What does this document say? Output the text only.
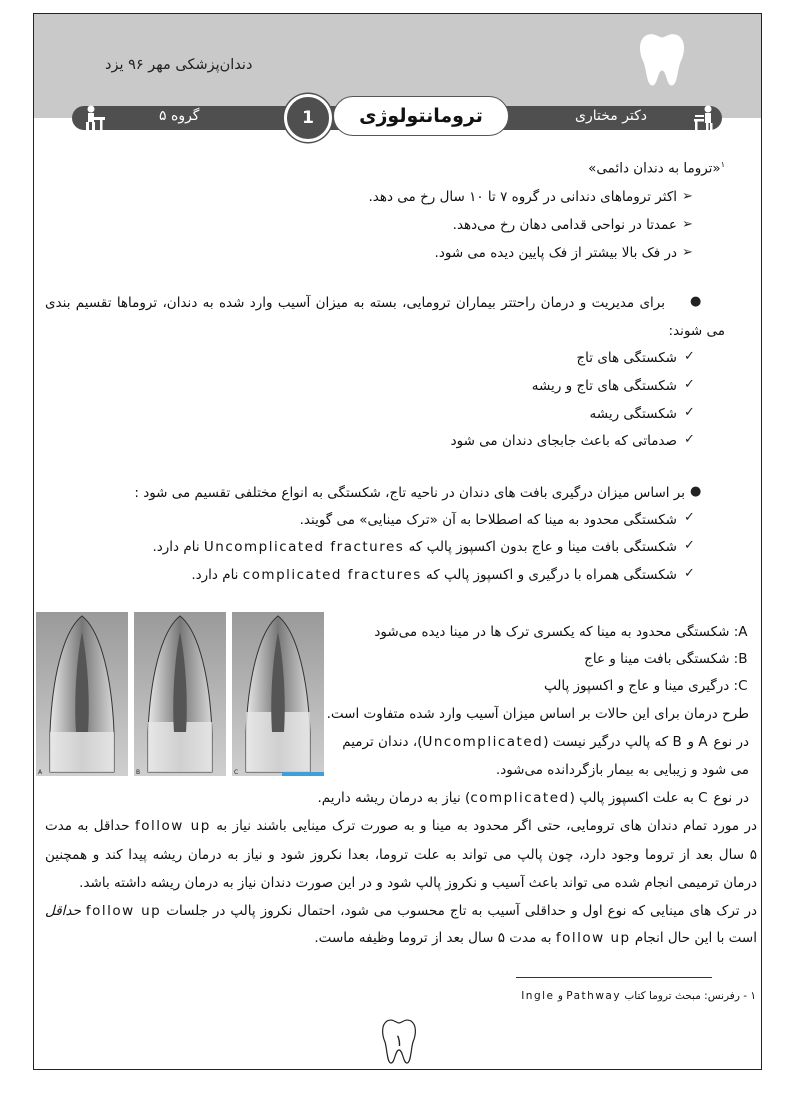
دندان‌پزشکی مهر ۹۶ یزد
گروه ۵	دکتر مختاری
ترومانتولوژی
1
$^۱$«تروما به دندان دائمی»
➢
اکثر تروماهای دندانی در گروه ۷ تا ۱۰ سال رخ می دهد.
➢
عمدتا در نواحی قدامی دهان رخ می‌دهد.
➢
در فک بالا بیشتر از فک پایین دیده می شود.
●
برای مدیریت و درمان راحتتر بیماران ترومایی، بسته به میزان آسیب وارد شده به دندان، تروماها تقسیم بندی
می شوند:
✓
شکستگی های تاج
✓
شکستگی های تاج و ریشه
✓
شکستگی ریشه
✓
صدماتی که باعث جابجای دندان می شود
●
بر اساس میزان درگیری بافت های دندان در ناحیه تاج، شکستگی به انواع مختلفی تقسیم می شود :
✓
شکستگی محدود به مینا که اصطلاحا به آن «ترک مینایی» می گویند.
✓
شکستگی بافت مینا و عاج بدون اکسپوز پالپ که Uncomplicated fractures نام دارد.
✓
شکستگی همراه با درگیری و اکسپوز پالپ که complicated fractures نام دارد.
A	B	C
A: شکستگی محدود به مینا که یکسری ترک ها در مینا دیده می‌شود
B: شکستگی بافت مینا و عاج
C: درگیری مینا و عاج و اکسپوز پالپ
طرح درمان برای این حالات بر اساس میزان آسیب وارد شده متفاوت است.
در نوع A و B که پالپ درگیر نیست (Uncomplicated)، دندان ترمیم
می شود و زیبایی به بیمار بازگردانده می‌شود.
در نوع C به علت اکسپوز پالپ (complicated) نیاز به درمان ریشه داریم.
در مورد تمام دندان های ترومایی، حتی اگر محدود به مینا و به صورت ترک مینایی باشند نیاز به follow up حداقل به مدت
۵ سال بعد از تروما وجود دارد، چون پالپ می تواند به علت تروما، بعدا نکروز شود و نیاز به درمان ریشه پیدا کند و همچنین
درمان ترمیمی انجام شده می تواند باعث آسیب و نکروز پالپ شود و در این صورت دندان نیاز به درمان ریشه داشته باشد.
در ترک های مینایی که نوع اول و حداقلی آسیب به تاج محسوب می شود، احتمال نکروز پالپ در جلسات follow up حداقل
است با این حال انجام follow up به مدت ۵ سال بعد از تروما وظیفه ماست.
۱ - رفرنس: مبحث تروما کتاب Pathway و Ingle
۱
